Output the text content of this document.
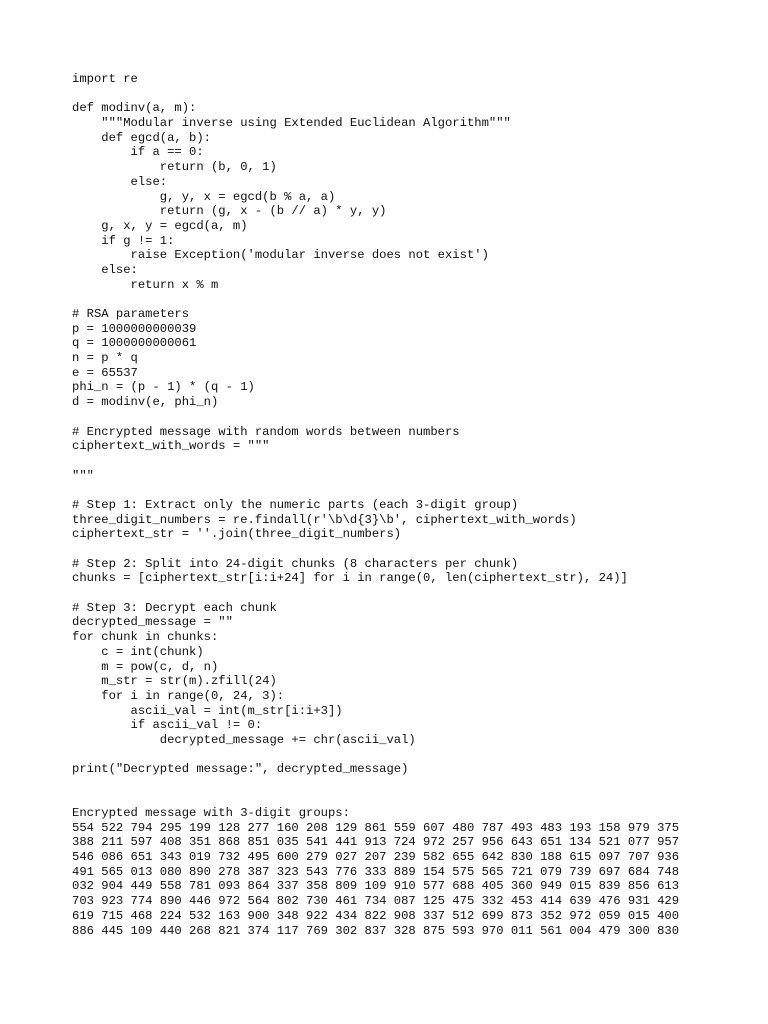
import re
def modinv(a, m):
"""Modular inverse using Extended Euclidean Algorithm"""
def egcd(a, b):
if a == 0:
return (b, 0, 1)
else:
g, y, x = egcd(b % a, a)
return (g, x - (b // a) * y, y)
g, x, y = egcd(a, m)
if g != 1:
raise Exception('modular inverse does not exist')
else:
return x % m
# RSA parameters
p = 1000000000039
q = 1000000000061
n = p * q
e = 65537
phi_n = (p - 1) * (q - 1)
d = modinv(e, phi_n)
# Encrypted message with random words between numbers
ciphertext_with_words = """
"""
# Step 1: Extract only the numeric parts (each 3-digit group)
three_digit_numbers = re.findall(r'\b\d{3}\b', ciphertext_with_words)
ciphertext_str = ''.join(three_digit_numbers)
# Step 2: Split into 24-digit chunks (8 characters per chunk)
chunks = [ciphertext_str[i:i+24] for i in range(0, len(ciphertext_str), 24)]
# Step 3: Decrypt each chunk
decrypted_message = ""
for chunk in chunks:
c = int(chunk)
m = pow(c, d, n)
m_str = str(m).zfill(24)
for i in range(0, 24, 3):
ascii_val = int(m_str[i:i+3])
if ascii_val != 0:
decrypted_message += chr(ascii_val)
print("Decrypted message:", decrypted_message)
Encrypted message with 3-digit groups:
554 522 794 295 199 128 277 160 208 129 861 559 607 480 787 493 483 193 158 979 375
388 211 597 408 351 868 851 035 541 441 913 724 972 257 956 643 651 134 521 077 957
546 086 651 343 019 732 495 600 279 027 207 239 582 655 642 830 188 615 097 707 936
491 565 013 080 890 278 387 323 543 776 333 889 154 575 565 721 079 739 697 684 748
032 904 449 558 781 093 864 337 358 809 109 910 577 688 405 360 949 015 839 856 613
703 923 774 890 446 972 564 802 730 461 734 087 125 475 332 453 414 639 476 931 429
619 715 468 224 532 163 900 348 922 434 822 908 337 512 699 873 352 972 059 015 400
886 445 109 440 268 821 374 117 769 302 837 328 875 593 970 011 561 004 479 300 830
